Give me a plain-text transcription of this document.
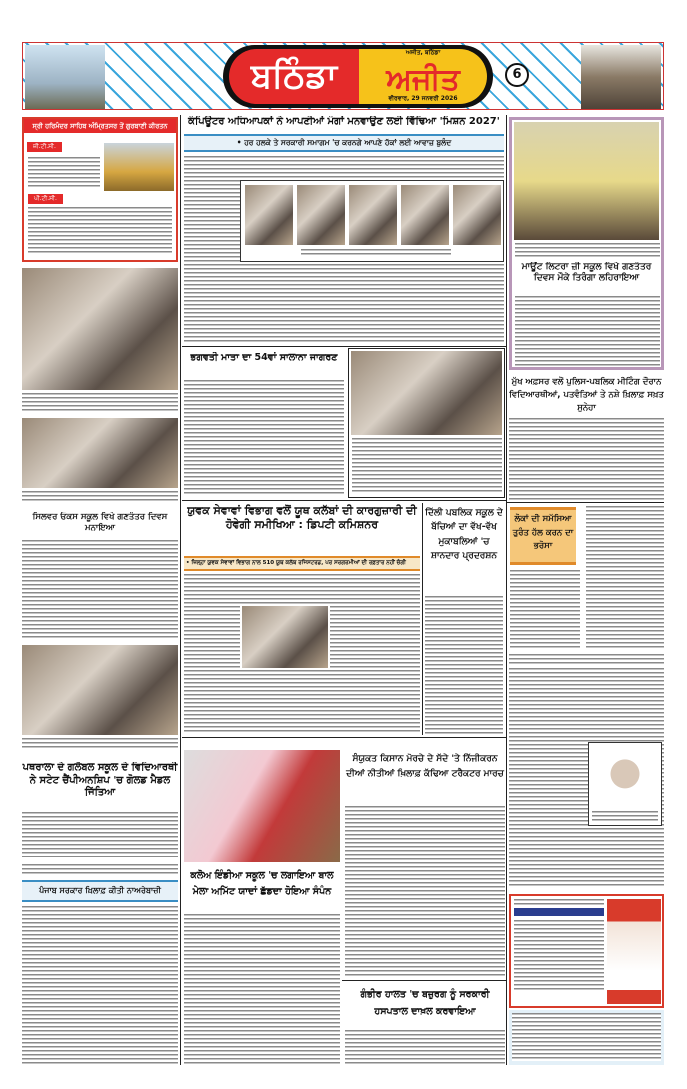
ਬਠਿੰਡਾ
ਅਜੀਤ, ਬਠਿੰਡਾ
ਅਜੀਤ
ਵੀਰਵਾਰ, 29 ਜਨਵਰੀ 2026
6
ਸ੍ਰੀ ਹਰਿਮੰਦਰ ਸਾਹਿਬ ਅੰਮ੍ਰਿਤਸਰ ਤੋਂ ਗੁਰਬਾਣੀ ਕੀਰਤਨ
ਜ਼ੀ.ਟੀ.ਸੀ.
ਪੀ.ਟੀ.ਸੀ.
ਸਿਲਵਰ ਓਕਸ ਸਕੂਲ ਵਿਖੇ ਗਣਤੰਤਰ ਦਿਵਸ ਮਨਾਇਆ
ਪਥਰਾਲਾ ਦੇ ਗਲੋਬਲ ਸਕੂਲ ਦੇ ਵਿਦਿਆਰਥੀ ਨੇ ਸਟੇਟ ਚੈਂਪੀਅਨਸ਼ਿਪ 'ਚ ਗੋਲਡ ਮੈਡਲ ਜਿੱਤਿਆ
ਪੰਜਾਬ ਸਰਕਾਰ ਖ਼ਿਲਾਫ਼ ਕੀਤੀ ਨਾਅਰੇਬਾਜ਼ੀ
ਕੰਪਿਊਟਰ ਅਧਿਆਪਕਾਂ ਨੇ ਆਪਣੀਆਂ ਮੰਗਾਂ ਮਨਵਾਉਣ ਲਈ ਵਿੱਢਿਆ 'ਮਿਸ਼ਨ 2027'
• ਹਰ ਹਲਕੇ ਤੇ ਸਰਕਾਰੀ ਸਮਾਗਮ 'ਚ ਕਰਨਗੇ ਆਪਣੇ ਹੱਕਾਂ ਲਈ ਆਵਾਜ਼ ਬੁਲੰਦ
ਭਗਵਤੀ ਮਾਤਾ ਦਾ 54ਵਾਂ ਸਾਲਾਨਾ ਜਾਗਰਣ
ਯੁਵਕ ਸੇਵਾਵਾਂ ਵਿਭਾਗ ਵਲੋਂ ਯੂਥ ਕਲੱਬਾਂ ਦੀ ਕਾਰਗੁਜ਼ਾਰੀ ਦੀ ਹੋਵੇਗੀ ਸਮੀਖਿਆ : ਡਿਪਟੀ ਕਮਿਸ਼ਨਰ
• ਜ਼ਿਲ੍ਹਾ ਯੁਵਕ ਸੇਵਾਵਾਂ ਵਿਭਾਗ ਨਾਲ 510 ਯੂਥ ਕਲੱਬ ਰਜਿਸਟਰਡ, ਪਰ ਸਰਗਰਮੀਆਂ ਦੀ ਰਫ਼ਤਾਰ ਨਹੀਂ ਚੰਗੀ
ਦਿੱਲੀ ਪਬਲਿਕ ਸਕੂਲ ਦੇ ਬੱਚਿਆਂ ਦਾ ਵੱਖ-ਵੱਖ ਮੁਕਾਬਲਿਆਂ 'ਚ ਸ਼ਾਨਦਾਰ ਪ੍ਰਦਰਸ਼ਨ
ਸੰਯੁਕਤ ਕਿਸਾਨ ਮੋਰਚੇ ਦੇ ਸੱਦੇ 'ਤੇ ਨਿੱਜੀਕਰਨ ਦੀਆਂ ਨੀਤੀਆਂ ਖ਼ਿਲਾਫ਼ ਕੱਢਿਆ ਟਰੈਕਟਰ ਮਾਰਚ
ਕਲੋਅ ਇੰਡੀਆ ਸਕੂਲ 'ਚ ਲਗਾਇਆ ਬਾਲ ਮੇਲਾ ਅਮਿੱਟ ਯਾਦਾਂ ਛੱਡਦਾ ਹੋਇਆ ਸੰਪੰਨ
ਗੰਭੀਰ ਹਾਲਤ 'ਚ ਬਜ਼ੁਰਗ ਨੂੰ ਸਰਕਾਰੀ ਹਸਪਤਾਲ ਦਾਖ਼ਲ ਕਰਵਾਇਆ
ਮਾਊਂਟ ਲਿਟਰਾ ਜ਼ੀ ਸਕੂਲ ਵਿਖੇ ਗਣਤੰਤਰ ਦਿਵਸ ਮੌਕੇ ਤਿਰੰਗਾ ਲਹਿਰਾਇਆ
ਮੁੱਖ ਅਫ਼ਸਰ ਵਲੋਂ ਪੁਲਿਸ-ਪਬਲਿਕ ਮੀਟਿੰਗ ਦੌਰਾਨ ਵਿਦਿਆਰਥੀਆਂ, ਪਤਵੰਤਿਆਂ ਤੇ ਨਸ਼ੇ ਖ਼ਿਲਾਫ਼ ਸਖ਼ਤ ਸੁਨੇਹਾ
ਲੋਕਾਂ ਦੀ ਸਮੱਸਿਆ ਤੁਰੰਤ ਹੱਲ ਕਰਨ ਦਾ ਭਰੋਸਾ
